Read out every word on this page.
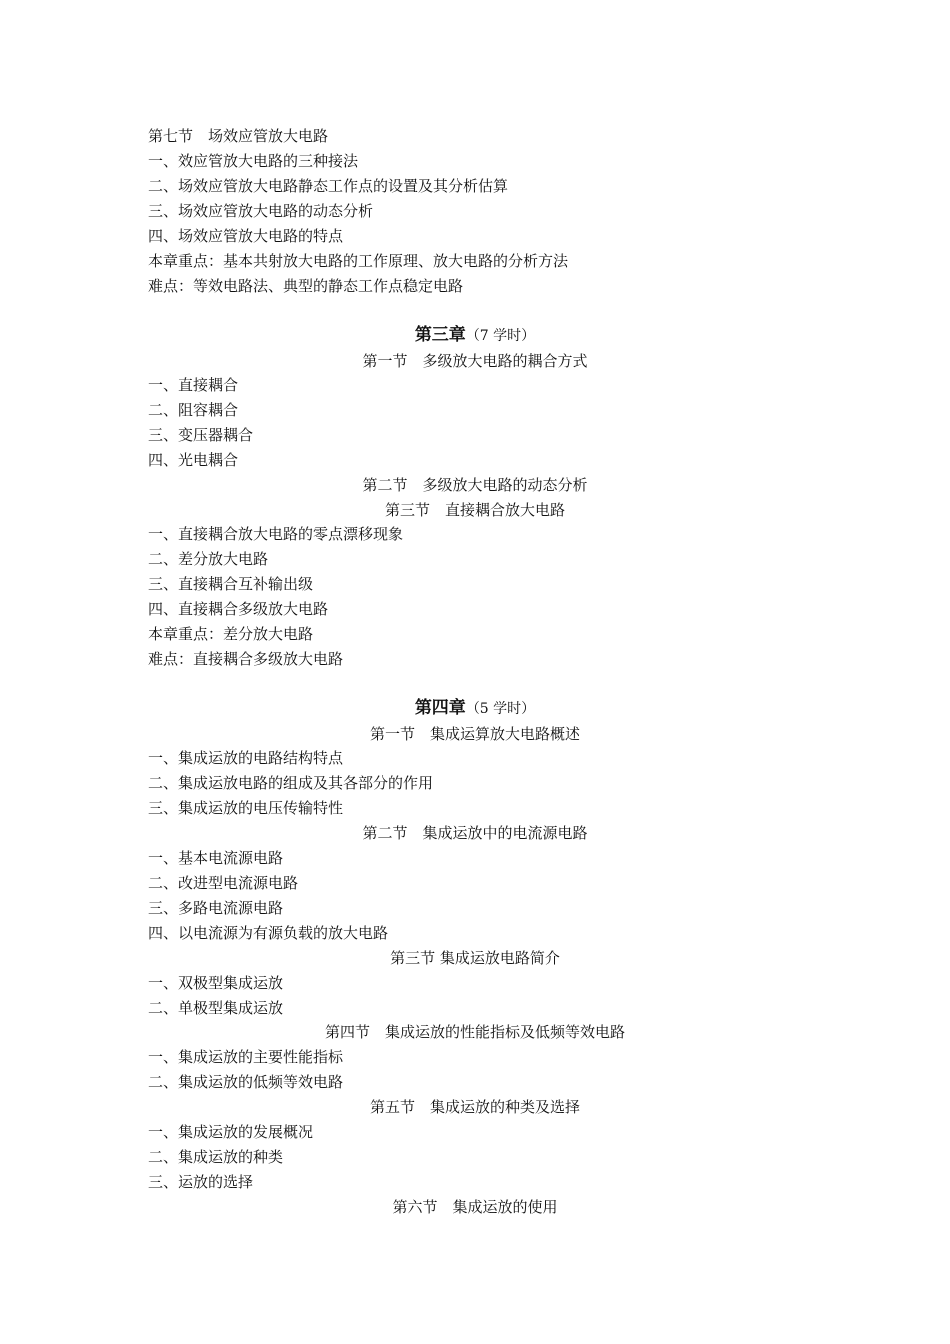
第七节　场效应管放大电路
一、效应管放大电路的三种接法
二、场效应管放大电路静态工作点的设置及其分析估算
三、场效应管放大电路的动态分析
四、场效应管放大电路的特点
本章重点：基本共射放大电路的工作原理、放大电路的分析方法
难点：等效电路法、典型的静态工作点稳定电路
第三章（7 学时）
第一节　多级放大电路的耦合方式
一、直接耦合
二、阻容耦合
三、变压器耦合
四、光电耦合
第二节　多级放大电路的动态分析
第三节　直接耦合放大电路
一、直接耦合放大电路的零点漂移现象
二、差分放大电路
三、直接耦合互补输出级
四、直接耦合多级放大电路
本章重点：差分放大电路
难点：直接耦合多级放大电路
第四章（5 学时）
第一节　集成运算放大电路概述
一、集成运放的电路结构特点
二、集成运放电路的组成及其各部分的作用
三、集成运放的电压传输特性
第二节　集成运放中的电流源电路
一、基本电流源电路
二、改进型电流源电路
三、多路电流源电路
四、以电流源为有源负载的放大电路
第三节 集成运放电路简介
一、双极型集成运放
二、单极型集成运放
第四节　集成运放的性能指标及低频等效电路
一、集成运放的主要性能指标
二、集成运放的低频等效电路
第五节　集成运放的种类及选择
一、集成运放的发展概况
二、集成运放的种类
三、运放的选择
第六节　集成运放的使用
